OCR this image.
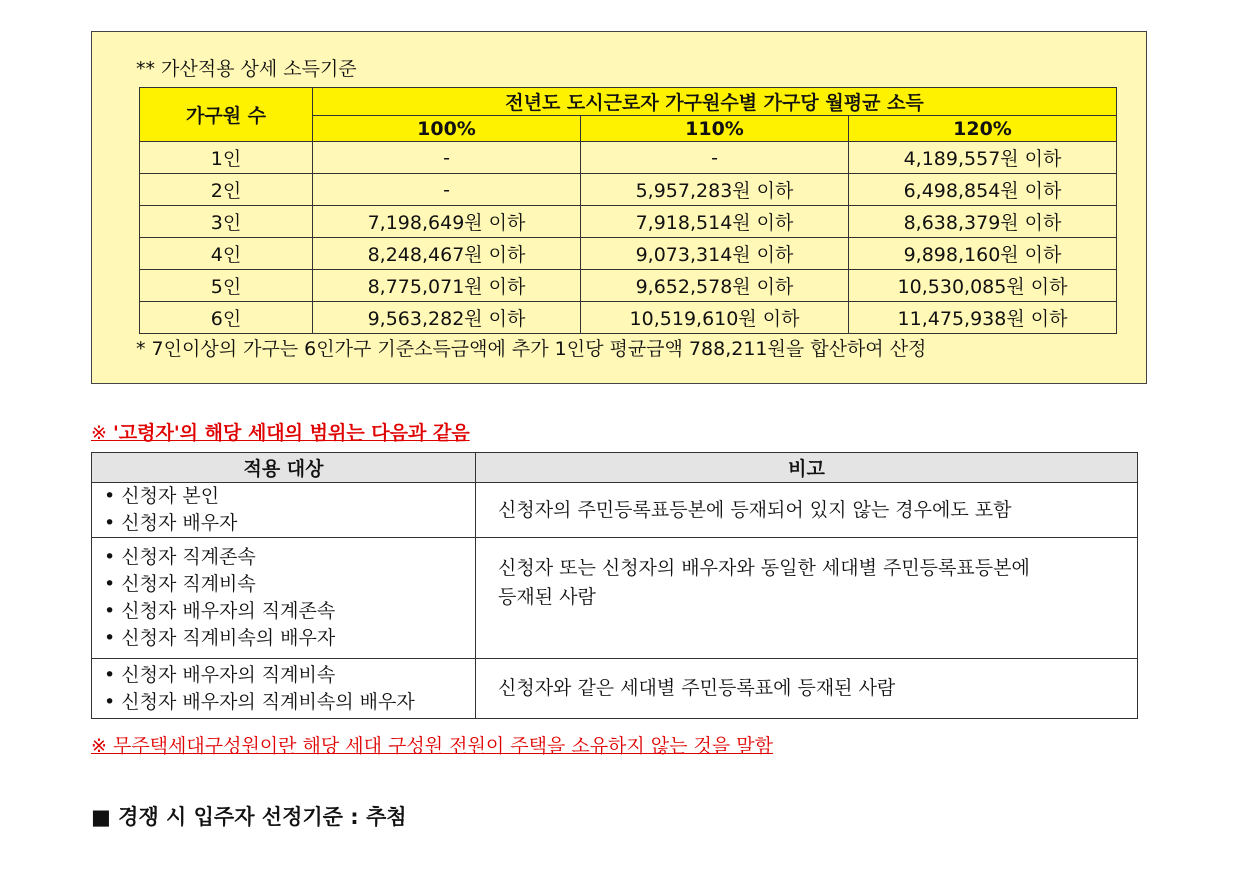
** 가산적용 상세 소득기준
가구원 수	전년도 도시근로자 가구원수별 가구당 월평균 소득		
	100%	110%	120%
1인	-	-	4,189,557원 이하
2인	-	5,957,283원 이하	6,498,854원 이하
3인	7,198,649원 이하	7,918,514원 이하	8,638,379원 이하
4인	8,248,467원 이하	9,073,314원 이하	9,898,160원 이하
5인	8,775,071원 이하	9,652,578원 이하	10,530,085원 이하
6인	9,563,282원 이하	10,519,610원 이하	11,475,938원 이하
* 7인이상의 가구는 6인가구 기준소득금액에 추가 1인당 평균금액 788,211원을 합산하여 산정
※ '고령자'의 해당 세대의 범위는 다음과 같음
적용 대상	비고

• 신청자 본인
• 신청자 배우자	신청자의 주민등록표등본에 등재되어 있지 않는 경우에도 포함

• 신청자 직계존속
• 신청자 직계비속
• 신청자 배우자의 직계존속
• 신청자 직계비속의 배우자	신청자 또는 신청자의 배우자와 동일한 세대별 주민등록표등본에
등재된 사람

• 신청자 배우자의 직계비속
• 신청자 배우자의 직계비속의 배우자	신청자와 같은 세대별 주민등록표에 등재된 사람
※ 무주택세대구성원이란 해당 세대 구성원 전원이 주택을 소유하지 않는 것을 말함
■ 경쟁 시 입주자 선정기준 : 추첨
